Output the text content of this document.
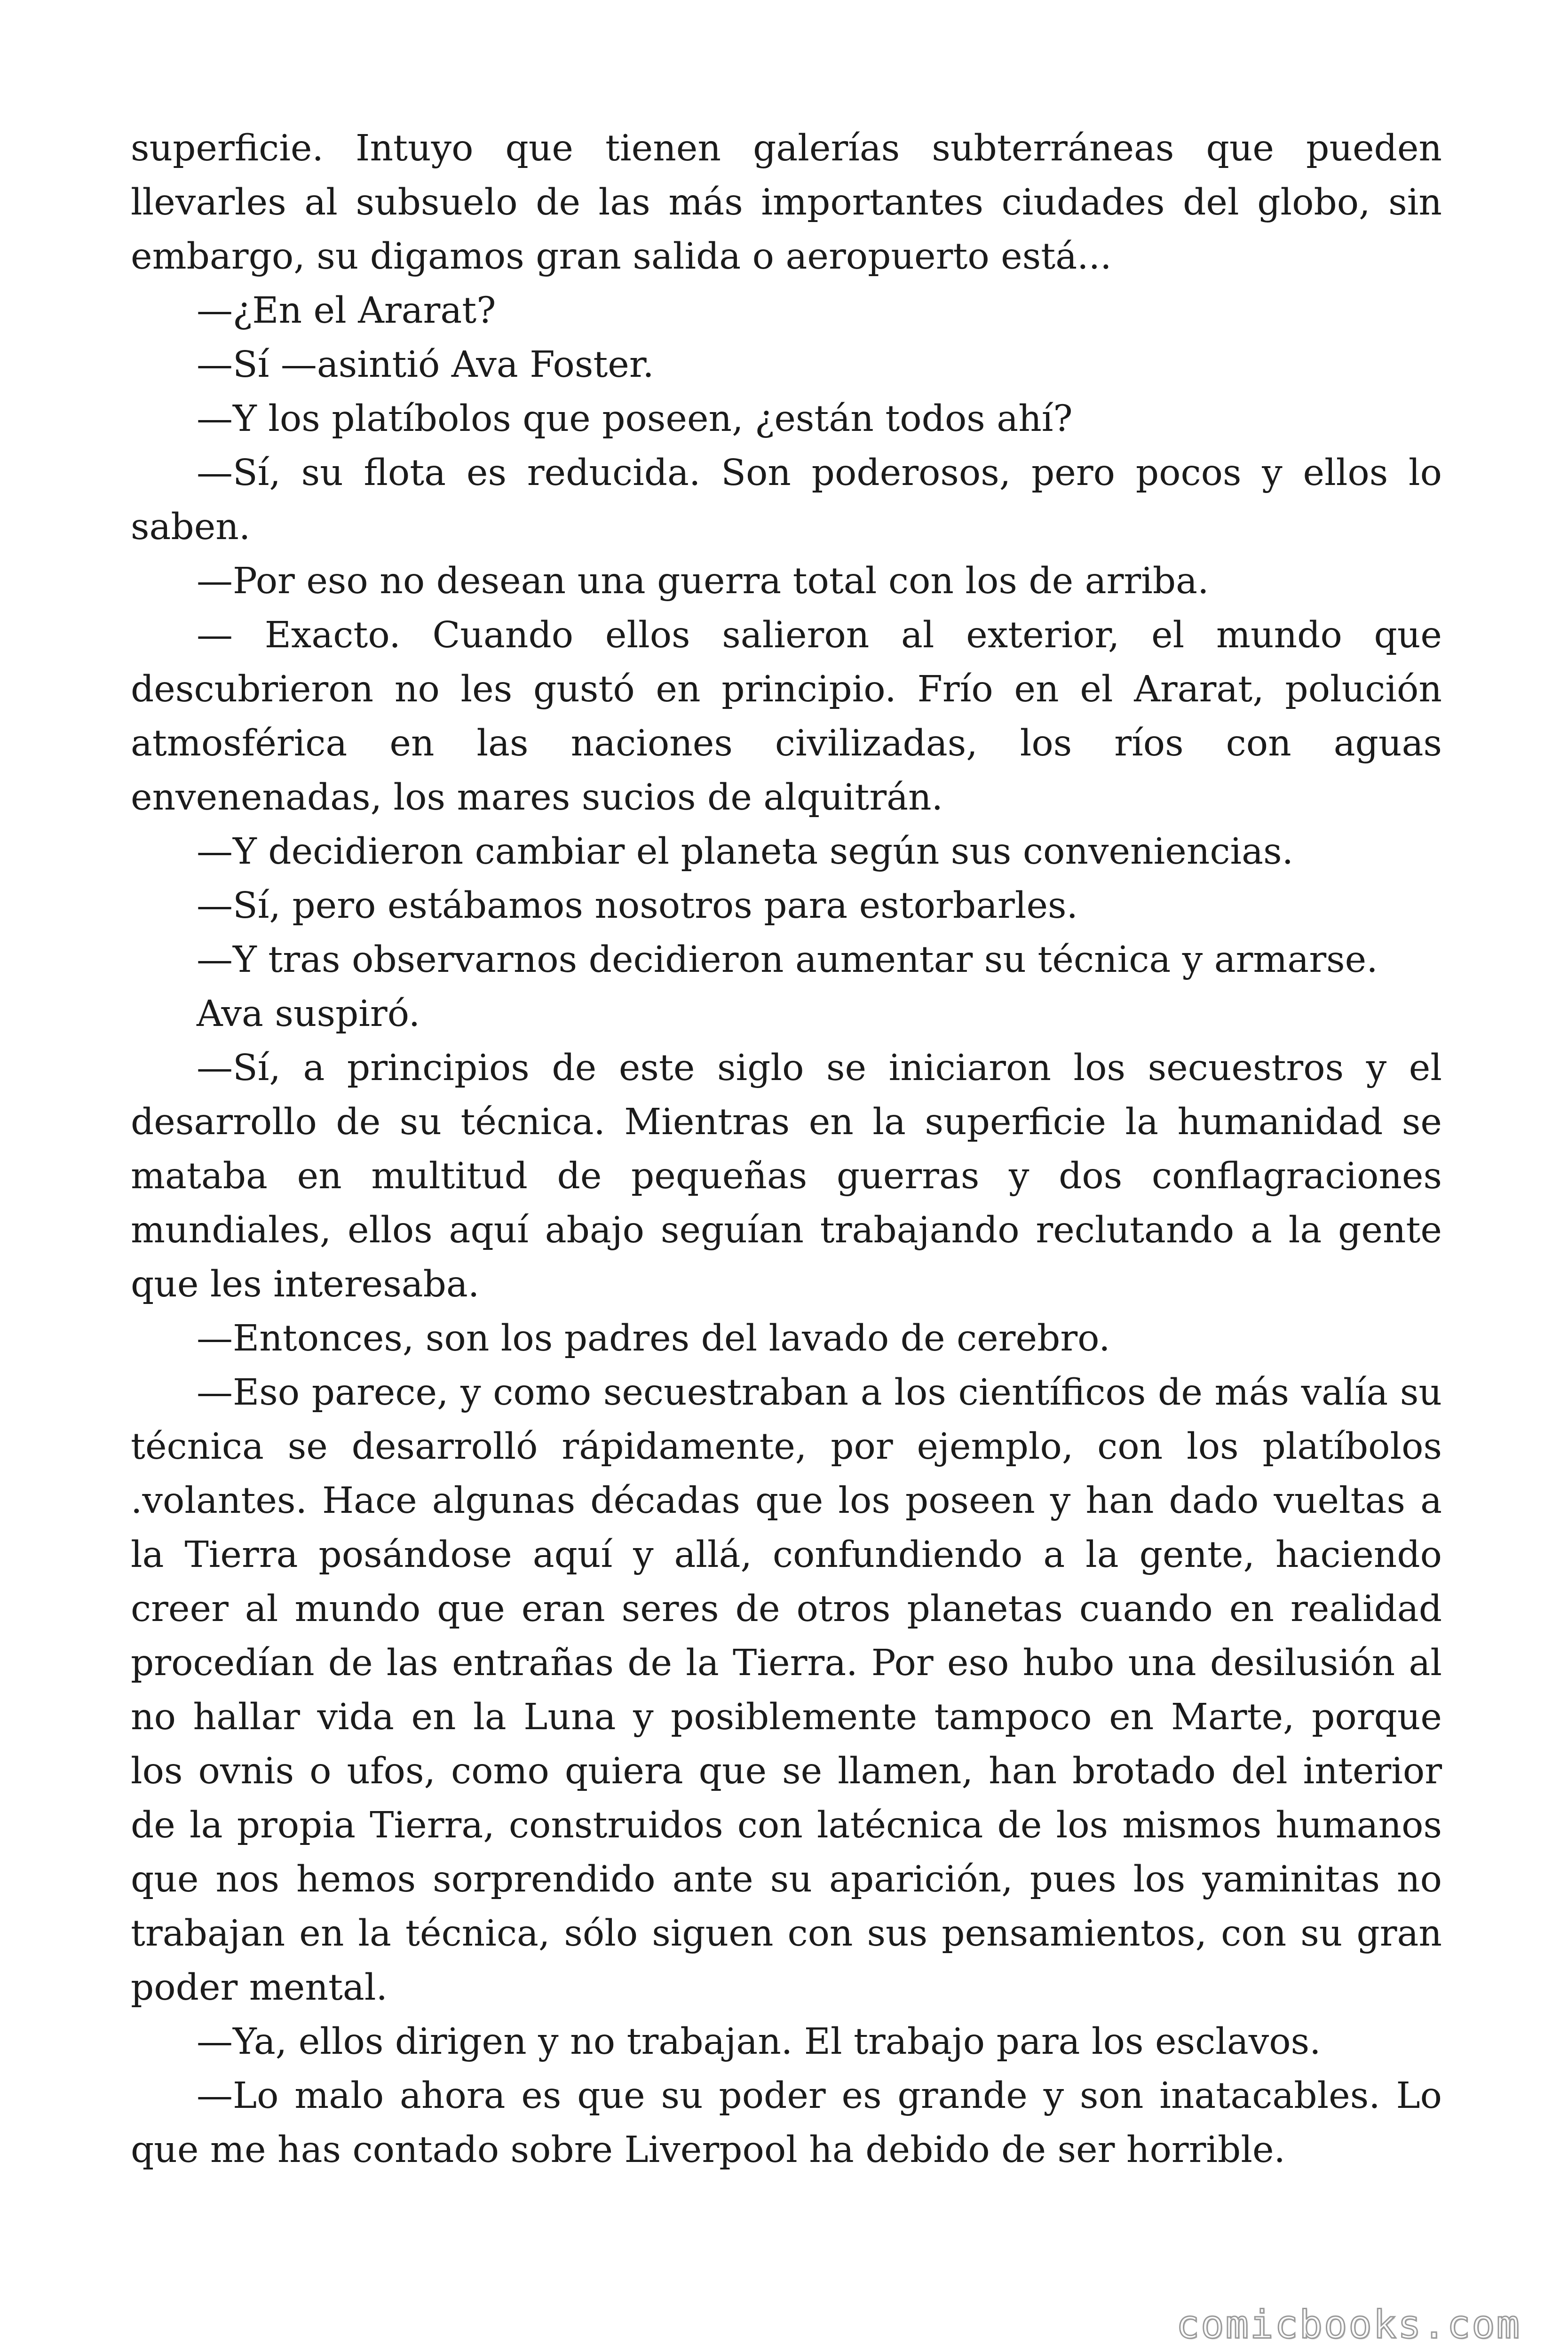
superficie. Intuyo que tienen galerías subterráneas que pueden llevarles al subsuelo de las más importantes ciudades del globo, sin embargo, su digamos gran salida o aeropuerto está...

—¿En el Ararat?

—Sí —asintió Ava Foster.

—Y los platíbolos que poseen, ¿están todos ahí?

—Sí, su flota es reducida. Son poderosos, pero pocos y ellos lo saben.

—Por eso no desean una guerra total con los de arriba.

— Exacto. Cuando ellos salieron al exterior, el mundo que descubrieron no les gustó en principio. Frío en el Ararat, polución atmosférica en las naciones civilizadas, los ríos con aguas envenenadas, los mares sucios de alquitrán.

—Y decidieron cambiar el planeta según sus conveniencias.

—Sí, pero estábamos nosotros para estorbarles.

—Y tras observarnos decidieron aumentar su técnica y armarse.

Ava suspiró.

—Sí, a principios de este siglo se iniciaron los secuestros y el desarrollo de su técnica. Mientras en la superficie la humanidad se mataba en multitud de pequeñas guerras y dos conflagraciones mundiales, ellos aquí abajo seguían trabajando reclutando a la gente que les interesaba.

—Entonces, son los padres del lavado de cerebro.

—Eso parece, y como secuestraban a los científicos de más valía su técnica se desarrolló rápidamente, por ejemplo, con los platíbolos .volantes. Hace algunas décadas que los poseen y han dado vueltas a la Tierra posándose aquí y allá, confundiendo a la gente, haciendo creer al mundo que eran seres de otros planetas cuando en realidad procedían de las entrañas de la Tierra. Por eso hubo una desilusión al no hallar vida en la Luna y posiblemente tampoco en Marte, porque los ovnis o ufos, como quiera que se llamen, han brotado del interior de la propia Tierra, construidos con latécnica de los mismos humanos que nos hemos sorprendido ante su aparición, pues los yaminitas no trabajan en la técnica, sólo siguen con sus pensamientos, con su gran poder mental.

—Ya, ellos dirigen y no trabajan. El trabajo para los esclavos.

—Lo malo ahora es que su poder es grande y son inatacables. Lo que me has contado sobre Liverpool ha debido de ser horrible.

comicbooks.com
